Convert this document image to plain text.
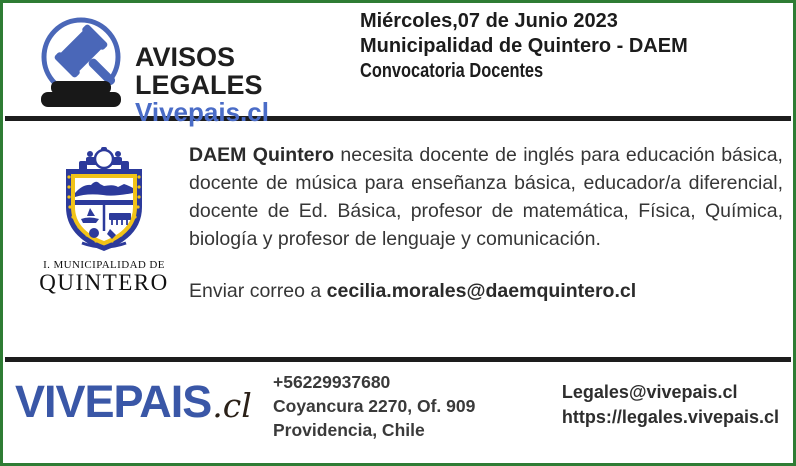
AVISOS LEGALES
Vivepais.cl
Miércoles,07 de Junio 2023
Municipalidad de Quintero - DAEM
Convocatoria Docentes
I. MUNICIPALIDAD DE
QUINTERO

DAEM Quintero necesita docente de inglés para educación básica, docente de música para enseñanza básica, educador/a diferencial, docente de Ed. Básica, profesor de matemática, Física, Química, biología y profesor de lenguaje y comunicación.

Enviar correo a cecilia.morales@daemquintero.cl

VIVEPAIS.cl
+56229937680
Coyancura 2270, Of. 909
Providencia, Chile
Legales@vivepais.cl
https://legales.vivepais.cl
